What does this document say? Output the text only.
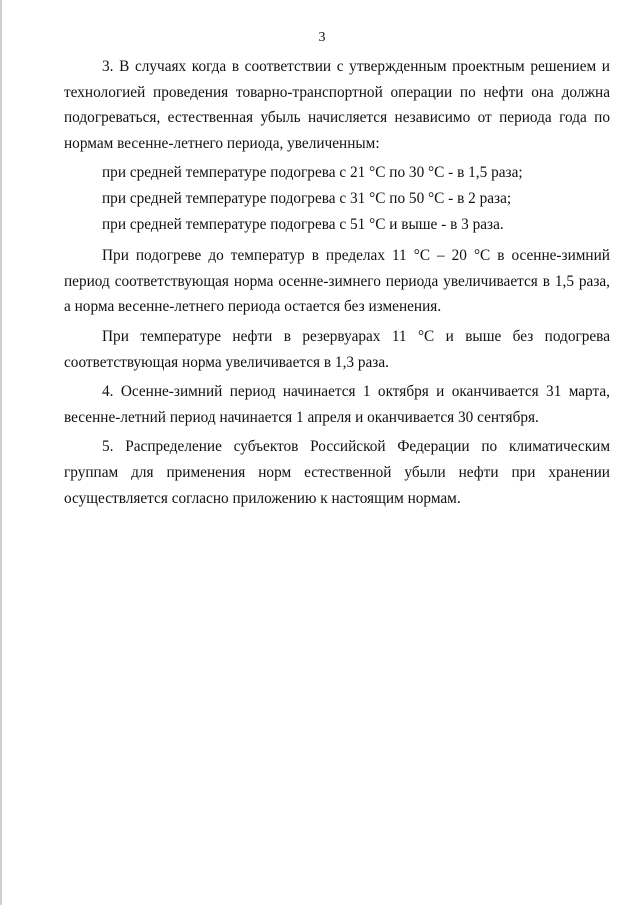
3

3. В случаях когда в соответствии с утвержденным проектным решением и технологией проведения товарно-транспортной операции по нефти она должна подогреваться, естественная убыль начисляется независимо от периода года по нормам весенне-летнего периода, увеличенным:

при средней температуре подогрева с 21 °С по 30 °С - в 1,5 раза;

при средней температуре подогрева с 31 °С по 50 °С - в 2 раза;

при средней температуре подогрева с 51 °С и выше - в 3 раза.

При подогреве до температур в пределах 11 °С – 20 °С в осенне-зимний период соответствующая норма осенне-зимнего периода увеличивается в 1,5 раза, а норма весенне-летнего периода остается без изменения.

При температуре нефти в резервуарах 11 °С и выше без подогрева соответствующая норма увеличивается в 1,3 раза.

4. Осенне-зимний период начинается 1 октября и оканчивается 31 марта, весенне-летний период начинается 1 апреля и оканчивается 30 сентября.

5. Распределение субъектов Российской Федерации по климатическим группам для применения норм естественной убыли нефти при хранении осуществляется согласно приложению к настоящим нормам.
